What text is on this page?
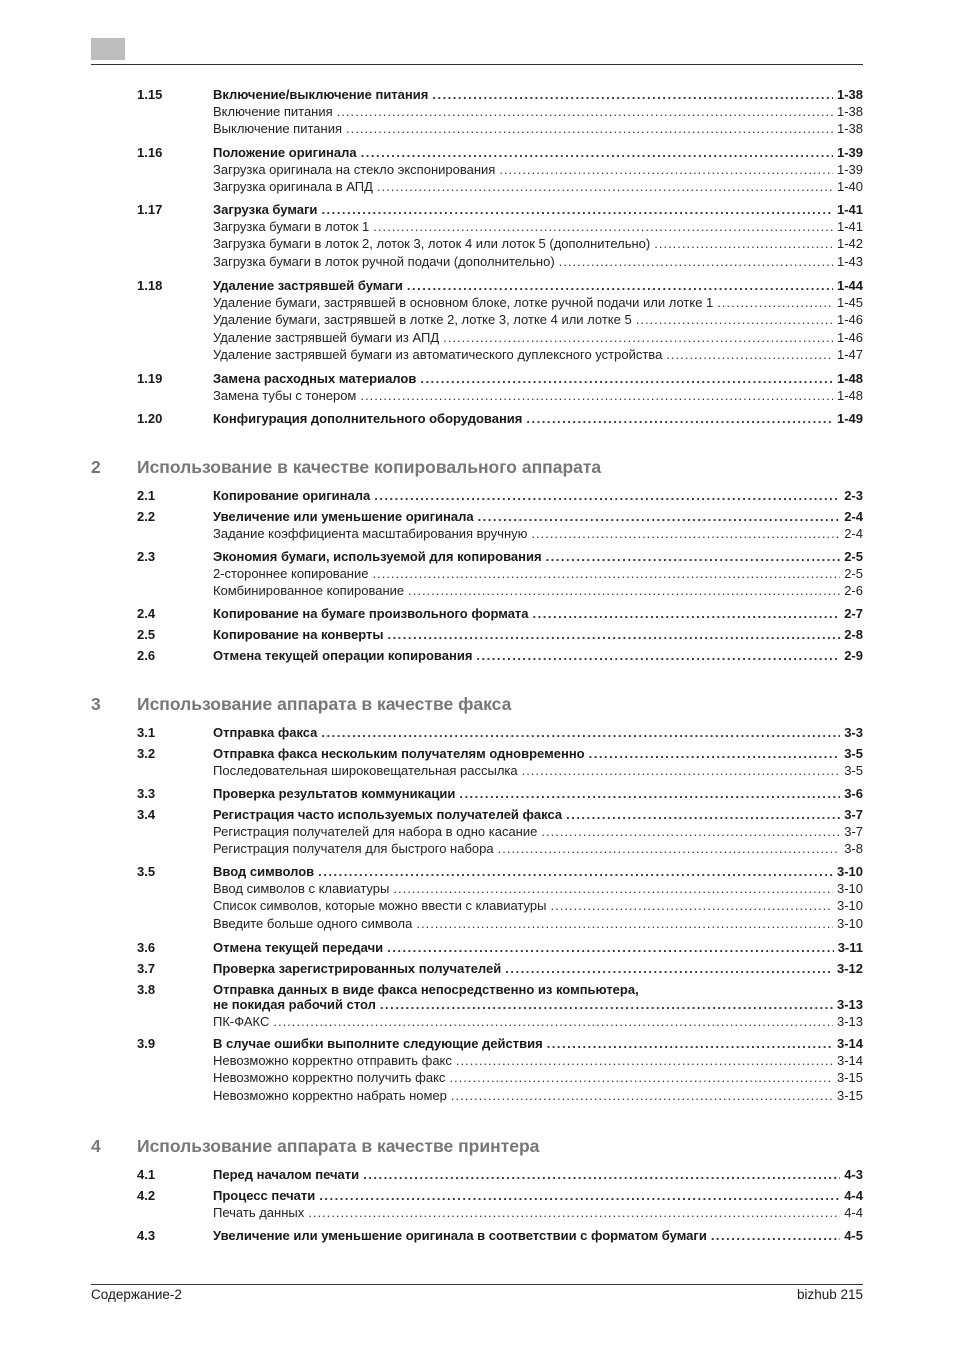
1.15	Включение/выключение питания .....	1-38
Включение питания .....	1-38
Выключение питания .....	1-38
1.16	Положение оригинала .....	1-39
Загрузка оригинала на стекло экспонирования .....	1-39
Загрузка оригинала в АПД .....	1-40
1.17	Загрузка бумаги .....	1-41
Загрузка бумаги в лоток 1 .....	1-41
Загрузка бумаги в лоток 2, лоток 3, лоток 4 или лоток 5 (дополнительно) .....	1-42
Загрузка бумаги в лоток ручной подачи (дополнительно) .....	1-43
1.18	Удаление застрявшей бумаги .....	1-44
Удаление бумаги, застрявшей в основном блоке, лотке ручной подачи или лотке 1 .....	1-45
Удаление бумаги, застрявшей в лотке 2, лотке 3, лотке 4 или лотке 5 .....	1-46
Удаление застрявшей бумаги из АПД .....	1-46
Удаление застрявшей бумаги из автоматического дуплексного устройства .....	1-47
1.19	Замена расходных материалов .....	1-48
Замена тубы с тонером .....	1-48
1.20	Конфигурация дополнительного оборудования .....	1-49
2 Использование в качестве копировального аппарата
2.1	Копирование оригинала .....	2-3
2.2	Увеличение или уменьшение оригинала .....	2-4
Задание коэффициента масштабирования вручную .....	2-4
2.3	Экономия бумаги, используемой для копирования .....	2-5
2-стороннее копирование .....	2-5
Комбинированное копирование .....	2-6
2.4	Копирование на бумаге произвольного формата .....	2-7
2.5	Копирование на конверты .....	2-8
2.6	Отмена текущей операции копирования .....	2-9
3 Использование аппарата в качестве факса
3.1	Отправка факса .....	3-3
3.2	Отправка факса нескольким получателям одновременно .....	3-5
Последовательная широковещательная рассылка .....	3-5
3.3	Проверка результатов коммуникации .....	3-6
3.4	Регистрация часто используемых получателей факса .....	3-7
Регистрация получателей для набора в одно касание .....	3-7
Регистрация получателя для быстрого набора .....	3-8
3.5	Ввод символов .....	3-10
Ввод символов с клавиатуры .....	3-10
Список символов, которые можно ввести с клавиатуры .....	3-10
Введите больше одного символа .....	3-10
3.6	Отмена текущей передачи .....	3-11
3.7	Проверка зарегистрированных получателей .....	3-12
3.8	Отправка данных в виде факса непосредственно из компьютера,
не покидая рабочий стол .....	3-13
ПК-ФАКС .....	3-13
3.9	В случае ошибки выполните следующие действия .....	3-14
Невозможно корректно отправить факс .....	3-14
Невозможно корректно получить факс .....	3-15
Невозможно корректно набрать номер .....	3-15
4 Использование аппарата в качестве принтера
4.1	Перед началом печати .....	4-3
4.2	Процесс печати .....	4-4
Печать данных .....	4-4
4.3	Увеличение или уменьшение оригинала в соответствии с форматом бумаги .....	4-5
Содержание-2	bizhub 215
